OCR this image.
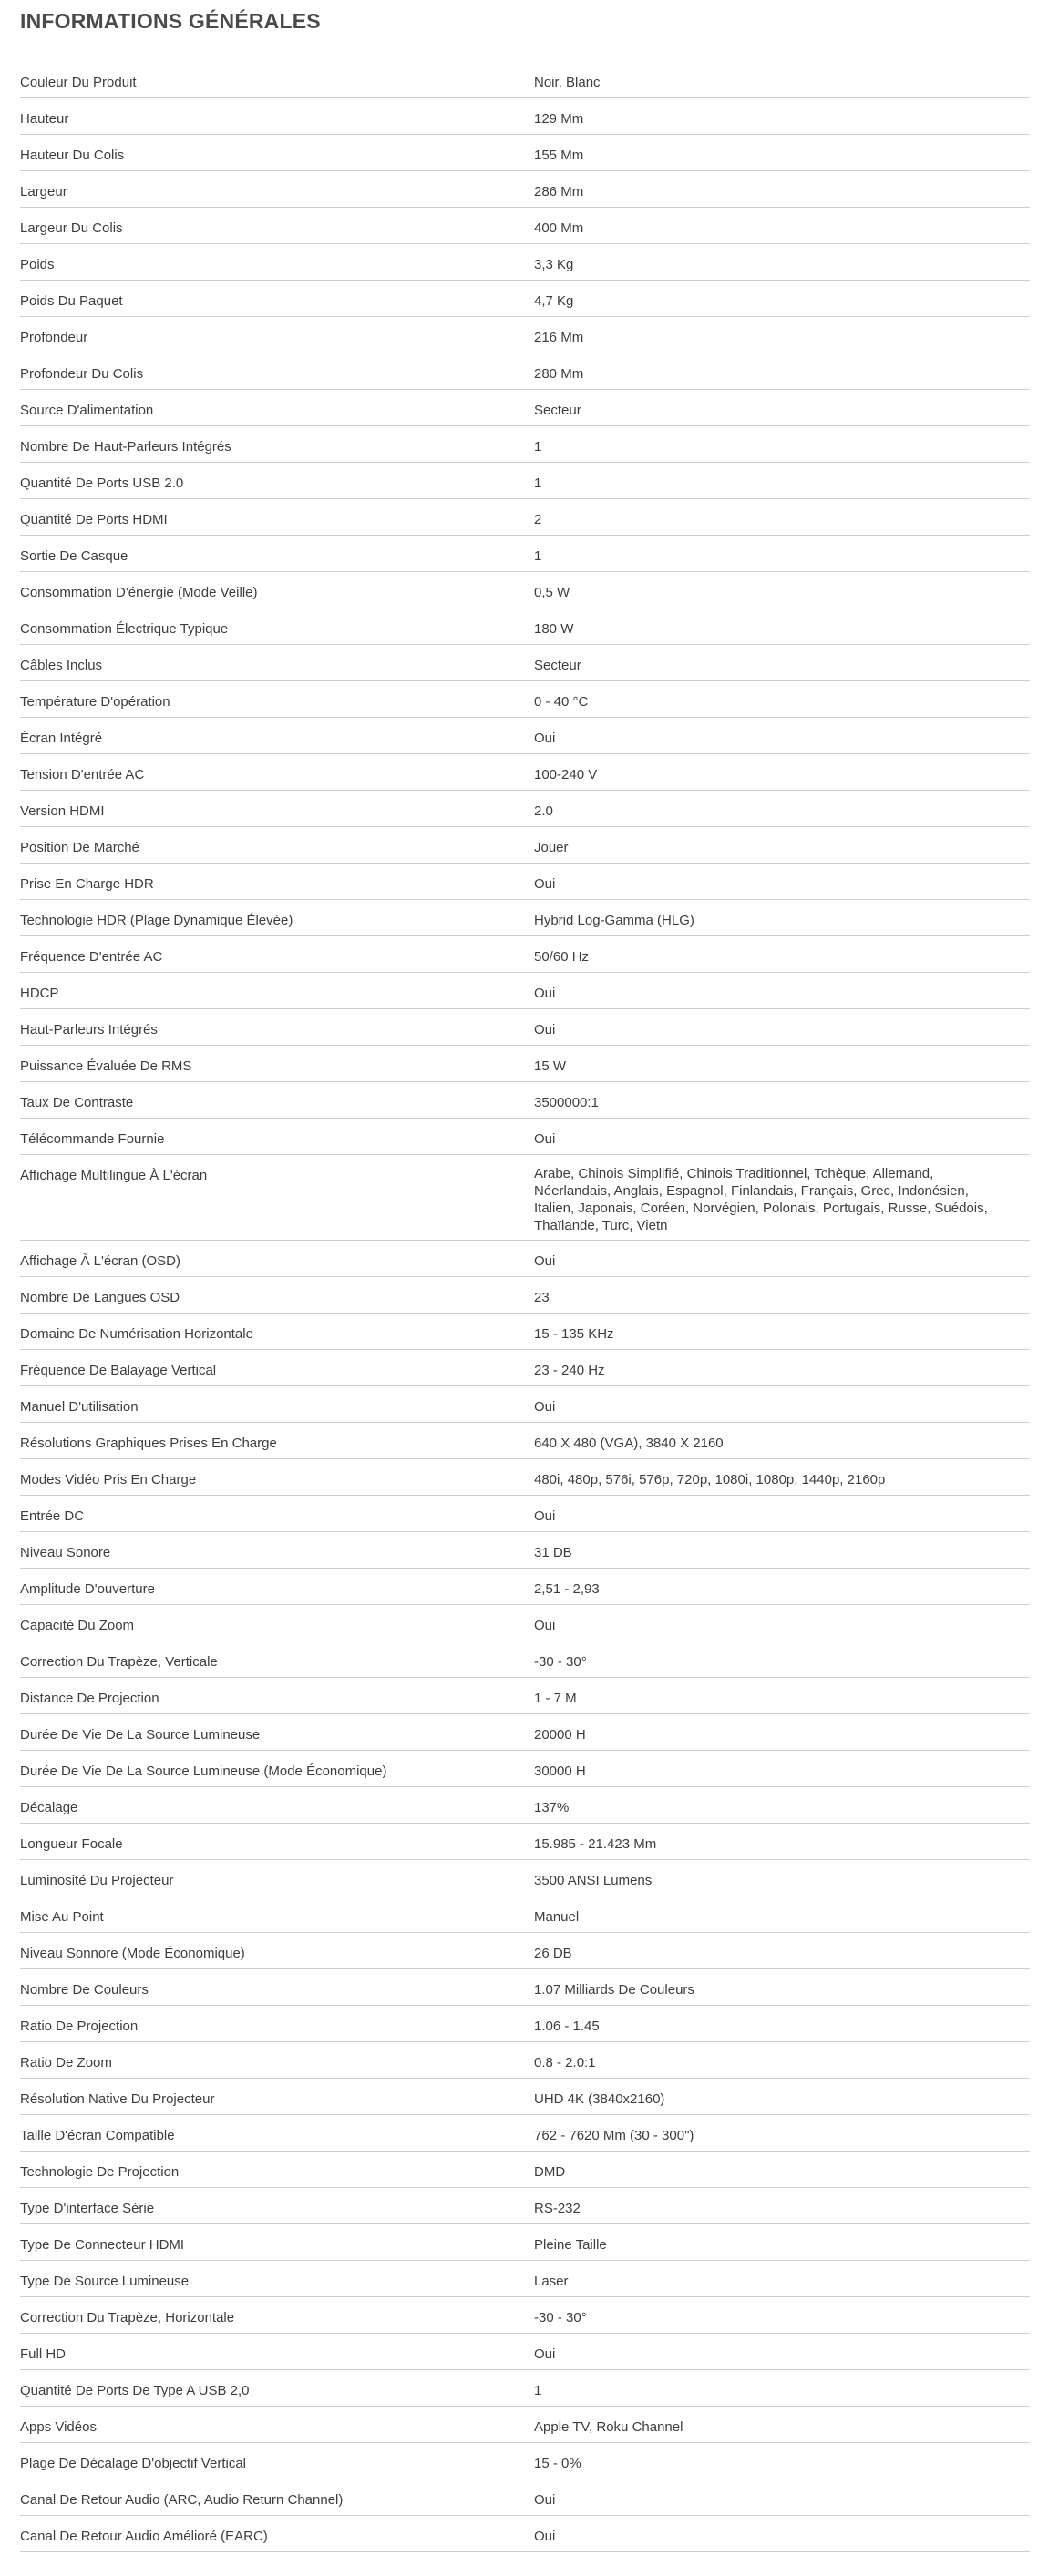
INFORMATIONS GÉNÉRALES
Couleur Du Produit	Noir, Blanc
Hauteur	129 Mm
Hauteur Du Colis	155 Mm
Largeur	286 Mm
Largeur Du Colis	400 Mm
Poids	3,3 Kg
Poids Du Paquet	4,7 Kg
Profondeur	216 Mm
Profondeur Du Colis	280 Mm
Source D'alimentation	Secteur
Nombre De Haut-Parleurs Intégrés	1
Quantité De Ports USB 2.0	1
Quantité De Ports HDMI	2
Sortie De Casque	1
Consommation D'énergie (Mode Veille)	0,5 W
Consommation Électrique Typique	180 W
Câbles Inclus	Secteur
Température D'opération	0 - 40 °C
Écran Intégré	Oui
Tension D'entrée AC	100-240 V
Version HDMI	2.0
Position De Marché	Jouer
Prise En Charge HDR	Oui
Technologie HDR (Plage Dynamique Élevée)	Hybrid Log-Gamma (HLG)
Fréquence D'entrée AC	50/60 Hz
HDCP	Oui
Haut-Parleurs Intégrés	Oui
Puissance Évaluée De RMS	15 W
Taux De Contraste	3500000:1
Télécommande Fournie	Oui
Affichage Multilingue À L'écran	Arabe, Chinois Simplifié, Chinois Traditionnel, Tchèque, Allemand, Néerlandais, Anglais, Espagnol, Finlandais, Français, Grec, Indonésien, Italien, Japonais, Coréen, Norvégien, Polonais, Portugais, Russe, Suédois, Thaïlande, Turc, Vietn
Affichage À L'écran (OSD)	Oui
Nombre De Langues OSD	23
Domaine De Numérisation Horizontale	15 - 135 KHz
Fréquence De Balayage Vertical	23 - 240 Hz
Manuel D'utilisation	Oui
Résolutions Graphiques Prises En Charge	640 X 480 (VGA), 3840 X 2160
Modes Vidéo Pris En Charge	480i, 480p, 576i, 576p, 720p, 1080i, 1080p, 1440p, 2160p
Entrée DC	Oui
Niveau Sonore	31 DB
Amplitude D'ouverture	2,51 - 2,93
Capacité Du Zoom	Oui
Correction Du Trapèze, Verticale	-30 - 30°
Distance De Projection	1 - 7 M
Durée De Vie De La Source Lumineuse	20000 H
Durée De Vie De La Source Lumineuse (Mode Économique)	30000 H
Décalage	137%
Longueur Focale	15.985 - 21.423 Mm
Luminosité Du Projecteur	3500 ANSI Lumens
Mise Au Point	Manuel
Niveau Sonnore (Mode Économique)	26 DB
Nombre De Couleurs	1.07 Milliards De Couleurs
Ratio De Projection	1.06 - 1.45
Ratio De Zoom	0.8 - 2.0:1
Résolution Native Du Projecteur	UHD 4K (3840x2160)
Taille D'écran Compatible	762 - 7620 Mm (30 - 300")
Technologie De Projection	DMD
Type D'interface Série	RS-232
Type De Connecteur HDMI	Pleine Taille
Type De Source Lumineuse	Laser
Correction Du Trapèze, Horizontale	-30 - 30°
Full HD	Oui
Quantité De Ports De Type A USB 2,0	1
Apps Vidéos	Apple TV, Roku Channel
Plage De Décalage D'objectif Vertical	15 - 0%
Canal De Retour Audio (ARC, Audio Return Channel)	Oui
Canal De Retour Audio Amélioré (EARC)	Oui
